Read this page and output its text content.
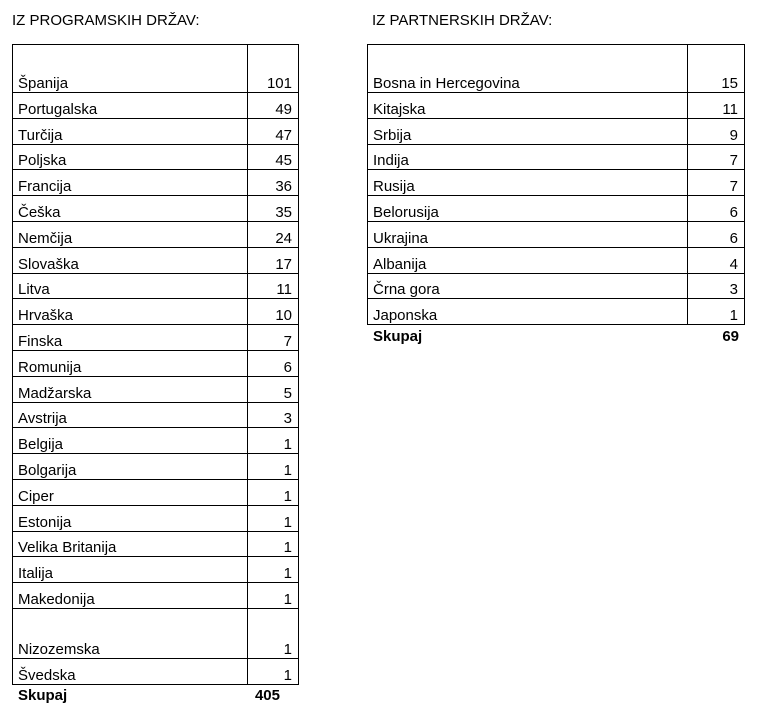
IZ PROGRAMSKIH DRŽAV:
Španija	101
Portugalska	49
Turčija	47
Poljska	45
Francija	36
Češka	35
Nemčija	24
Slovaška	17
Litva	11
Hrvaška	10
Finska	7
Romunija	6
Madžarska	5
Avstrija	3
Belgija	1
Bolgarija	1
Ciper	1
Estonija	1
Velika Britanija	1
Italija	1
Makedonija	1
Nizozemska	1
Švedska	1
Skupaj	405
IZ PARTNERSKIH DRŽAV:
Bosna in Hercegovina	15
Kitajska	11
Srbija	9
Indija	7
Rusija	7
Belorusija	6
Ukrajina	6
Albanija	4
Črna gora	3
Japonska	1
Skupaj	69
